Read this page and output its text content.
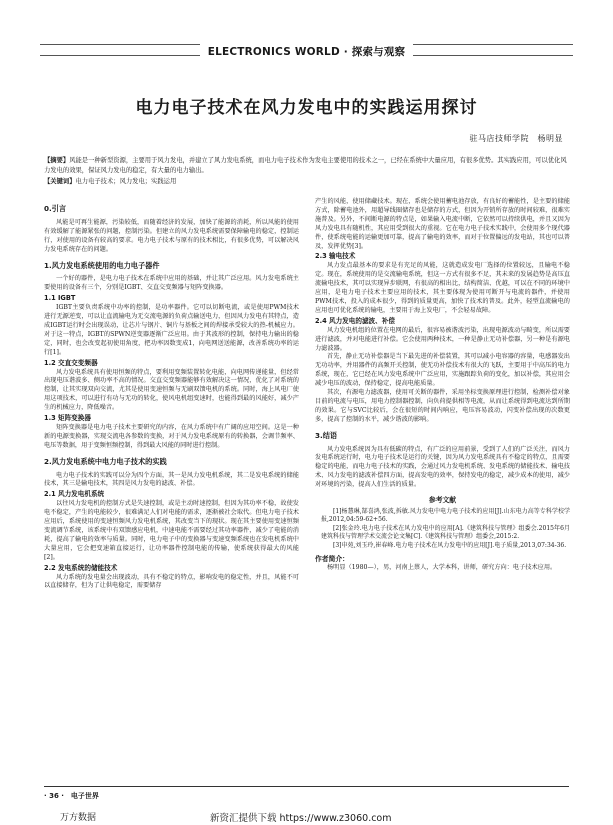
ELECTRONICS WORLD · 探索与观察
电力电子技术在风力发电中的实践运用探讨
驻马店技师学院　杨明显
【摘要】风能是一种新型资源，主要用于风力发电，并建立了风力发电系统，而电力电子技术作为发电主要使用的技术之一，已经在系统中大量应用，有很多优势。其实践应用，可以优化风力发电的效果，保证风力发电的稳定，有大量的电力输出。
【关键词】电力电子技术；风力发电；实践运用
0.引言

风能是可再生能源，污染较低，而随着经济的发展，加快了能源的消耗，所以风能的使用有效缓解了能源紧张的问题，控制污染。但建立的风力发电系统需要保障输电的稳定，控制运行，对使用的设备有较高的要求。电力电子技术与原有的技术相比，有很多优势，可以解决风力发电系统存在的问题。

1.风力发电系统使用的电力电子器件

一个好的器件，是电力电子技术在系统中应用的基础，并让其广泛应用。风力发电系统主要使用的设备有三个，分别是IGBT、交直交变频器与矩阵变换器。

1.1 IGBT

IGBT主要负责系统中功率的控制，是功率器件。它可以切断电流，或是使用PWM技术进行无源逆变，可以让直流输电为无交流电源的负荷点输送电力，但因风力发电有其特点，造成IGBT运行时会出现误动，让芯片与钢片、铜片与基板之间的焊接承受较大的热-机械应力。对于这一特点，IGBT的SPWN逆变器逐渐广泛应用。由于其波形的控制，保持电力输出的稳定，同时，也会改变起初使用角度，把功率因数变成1，向电网送送能源，改善系统功率的运行[1]。

1.2 交直交变频器

风力发电系统具有使用恒频的特点，要利用变频装置转化电能，向电网传递能量，但经常出现电压谐波多、侧功率不高的情况。交直交变频器能够有效解决这一情况，优化了对系统的控制，让其实现双向交流，尤其是使用变速恒频与无刷双馈电机的系统。同时，海上风电厂使用这项技术，可以进行有功与无功的转化，使风电机组变速时，也能得到最的风能好，减少产生的机械应力，降低噪音。

1.3 矩阵变换器

矩阵变换器是电力电子技术主要研究的内容，在风力系统中有广阔的应用空间。这是一种新的电源变换器，实现交流电各参数的变换，对于风力发电系统原有的转换器，会调节频率、电压等数据，用于变频恒频控制，得到最大风能的同时进行控制。

2.风力发电系统中电力电子技术的实践

电力电子技术的实践可以分为四个方面，其一是风力发电机系统，其二是发电系统的储能技术，其三是输电技术，其四是风力发电的滤波、补偿。

2.1 风力发电机系统

以往风力发电机的控制方式是失速控制，或是主动时速控制，但因为其功率不稳，故使发电不稳定，产生的电能较少，很难满足人们对电能的需求，逐渐被社会取代。但电力电子技术应用后，系统使用的变速恒频风力发电机系统，其改变当下的现状。现在其主要使用变速恒频变流调节系统，该系统中有双馈感应电机，中速电能不需要经过其功率器件，减少了电能的消耗，提高了输电的效率与质量。同时，电力电子中的变换器与变速变频系统也在发电机系统中大量应用，它会把变速箱直接运行，让功率器件控制电能的传输，使系统获得最大的风能[2]。

2.2 发电系统的储能技术

风力系统的发电量会出现波动，具有不稳定的特点，影响发电的稳定性，并且，风能不可以直接储存，但为了让供电稳定，需要储存

产生的风能，使用储藏技术。现在，系统会使用蓄电池存放，有良好的蓄能性，是主要的储能方式，除蓄电池外，用超导线圈储存也是储存的方式，但因为开销所存放的时间较难，很难实施普及。另外，不间断电源的特点是，如果输入电流中断，它依然可以持续供电，并且又因为风力发电具有随机性，其应用受到很大的重视。它在电力电子技术实践中，会使用多个现代器件，使系统电能的运输更加可靠，提高了输电的效率，而对于位置偏远的发电站，其也可以普及，发挥优势[3]。

2.3 输电技术

风力发点最基本的要求是有充足的风能，这就造成发电厂选择的位置较远，且输电不稳定。现在，系统使用的是交流输电系统，但这一方式有很多不足，其未来的发展趋势是高压直流输电技术，其可以实现异步联网，有很高的相出比，结构简洁、优越，可以在不同的环境中应用，是电力电子技术主要应用的技术，其主要体现为使用可断开与电流的器件，并使用PWM技术，投入的成本很少，得到的质量更高，加快了技术的普及。此外，轻型直流输电的应用也可优化系统的输电，主要用于海上发电厂，不会轻易故障。

2.4 风力发电的滤波、补偿

风力发电机组的位置在电网的最后，很容易被谐波污染，出现电源波动与畸变，所以需要进行滤波，并对电能进行补偿。它会使用两种技术，一种是静止无功补偿器，另一种是有源电力滤波器。

首先，静止无功补偿器是当下最先进的补偿装置，其可以减小电容器的容量，电感器发出无功功率，并用器件的高频开关控制，使无功补偿技术有很大的飞跃，主要用于中高压的电力系统，现在，它已经在风力发电系统中广泛应用，实施跟踪负荷的变化，加以补偿，其应用会减少电压的波动，保持稳定，提高电能质量。

其次，有源电力滤波器，使用可关断的器件，采用坐标变换原理进行控制，检测补偿对象目前的电流与电压，用电力控制器控制，向负荷提供相等电流，从而让系统得到电流达到所期的效果。它与SVC比较后，会在很短的时间内响应，电压容易波动，闪变补偿出现的次数更多，提高了控制的水平，减少谐波的影响。

3.结语

风力发电系统因为具有低碳的特点，有广泛的应用前景，受到了人们的广泛关注，而风力发电系统运行时，电力电子技术是运行的关键，因为风力发电系统具有不稳定的特点，且需要稳定的电能，而电力电子技术的实践，会通过风力发电机系统、发电系统的储能技术、输电技术、风力发电的滤波补偿四方面，提高发电的效率，保持发电的稳定，减少成本的使用，减少对环境的污染，提高人们生活的质量。

参考文献

[1]杨慧琳,郜喜鸿,张波,拆敏.风力发电中电力电子技术的应用[J].山东电力高等专科学校学报,2012,04:59-62+56.

[2]张金玲.电力电子技术在风力发电中的应用[A].《建筑科技与管理》组委会.2015年6月建筑科技与管理学术交流会论文集[C].《建筑科技与管理》组委会,2015:2.

[3]申苑,刘玉玲,崔春峰.电力电子技术在风力发电中的应用[J].电子质量,2013,07:34-36.

作者简介：

杨明显（1980—），男，河南上蔡人，大学本科，讲师，研究方向：电子技术应用。

· 36 ·　电子世界
万方数据	新资汇提供下载 https://www.z3060.com
